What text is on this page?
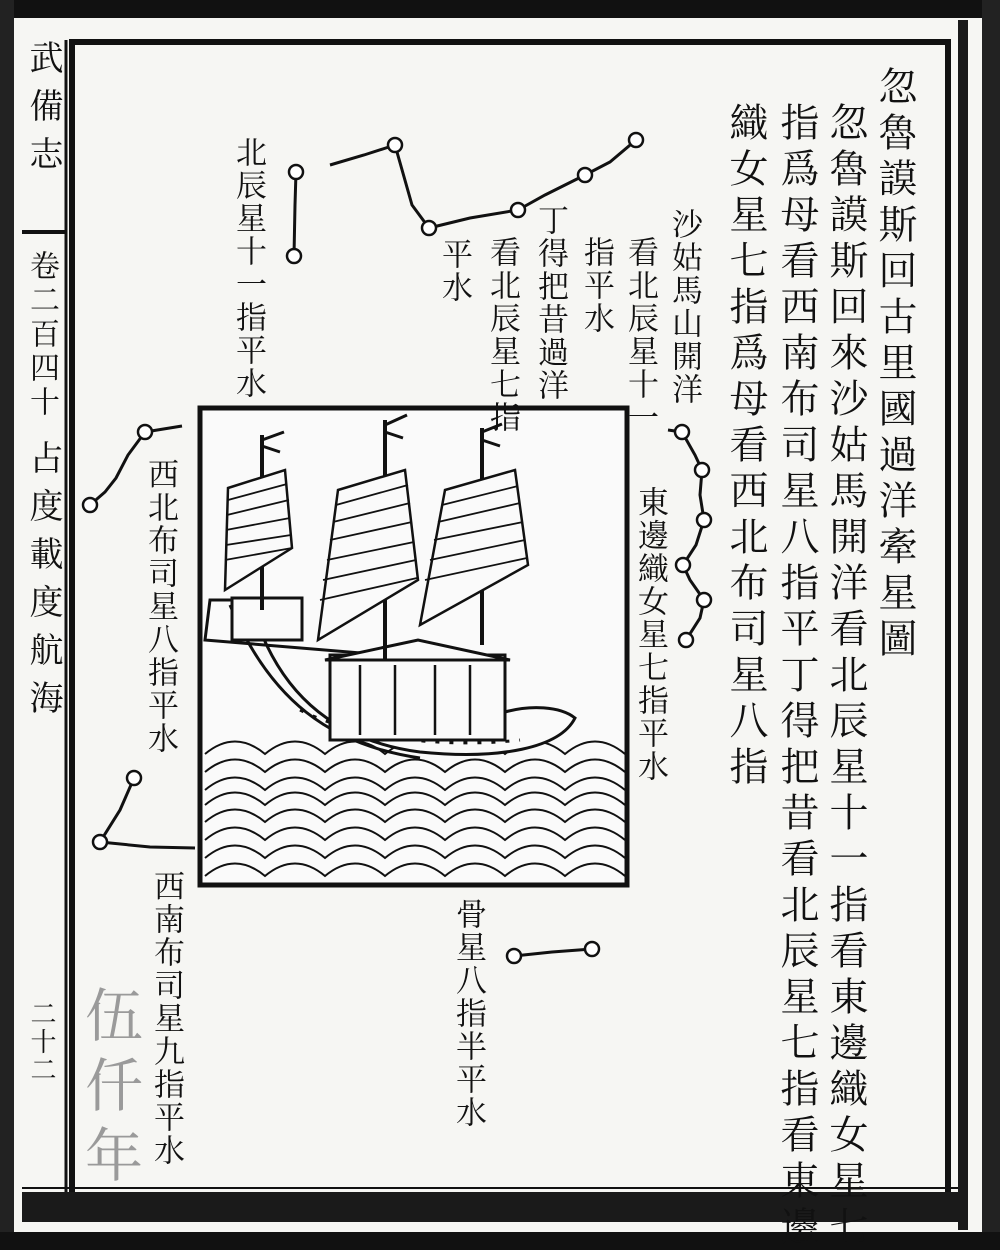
忽魯謨斯回古里國過洋牽星圖
忽魯謨斯回來沙姑馬開洋看北辰星十一指看東邊織女星七
指爲母看西南布司星八指平丁得把昔看北辰星七指看東邊
織女星七指爲母看西北布司星八指
北辰星十一指平水	平水 看北辰星七指 丁得把昔過洋 指平水 看北辰星十一 沙姑馬山開洋
東邊織女星七指平水
西北布司星八指平水
西南布司星九指平水	骨星八指半平水
武備志
卷二百四十
占度載度航海
二十二 伍仟年
